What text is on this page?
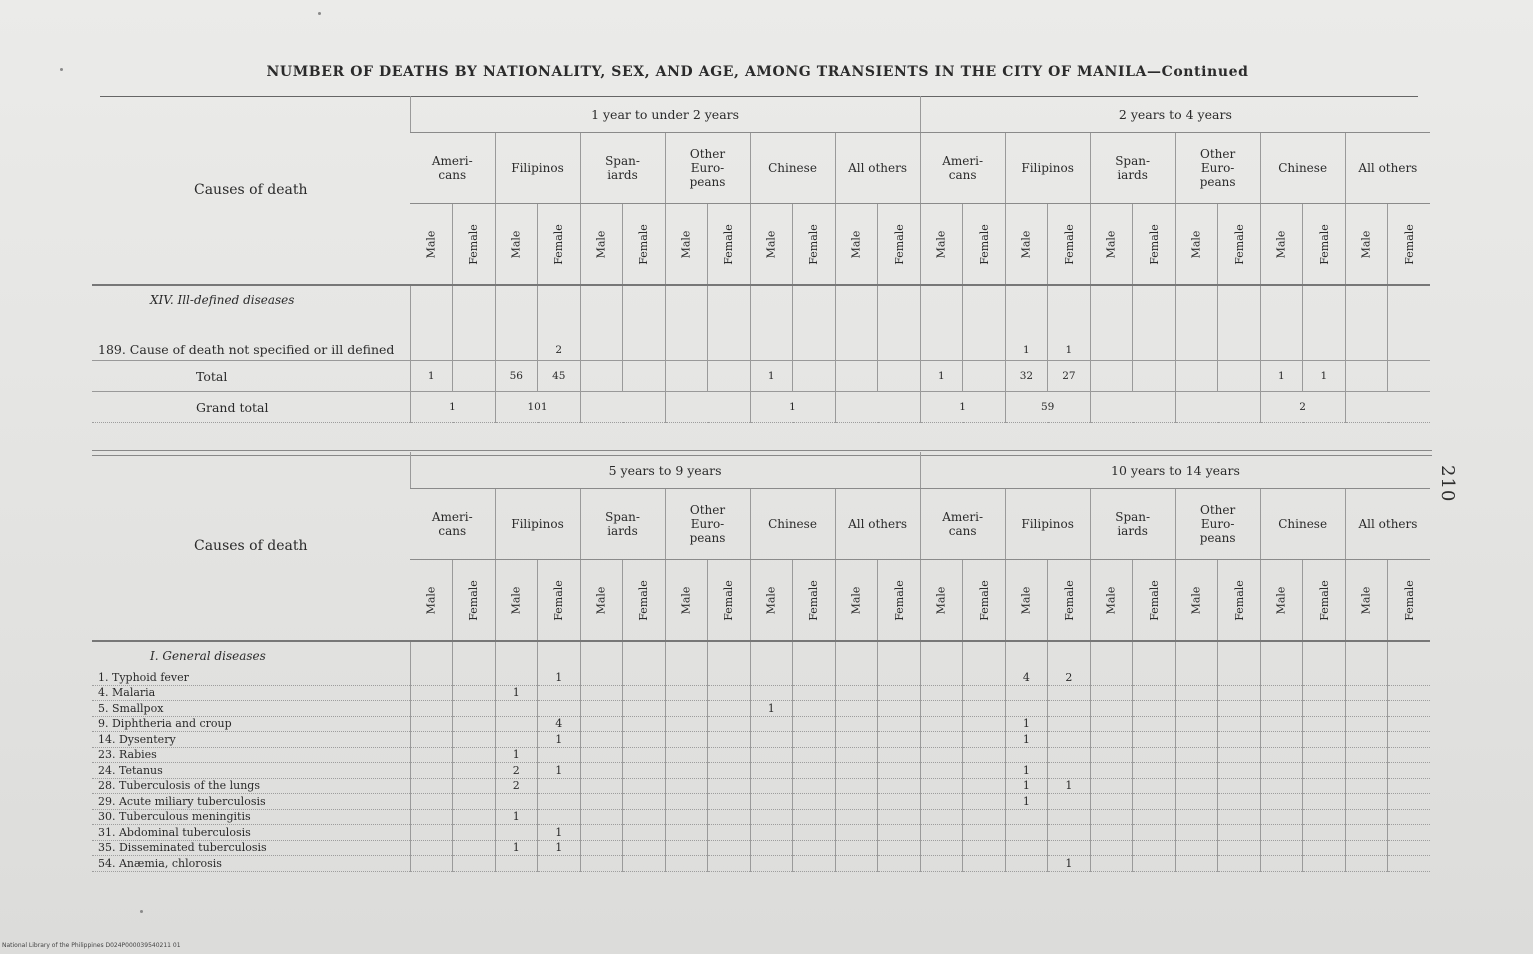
NUMBER OF DEATHS BY NATIONALITY, SEX, AND AGE, AMONG TRANSIENTS IN THE CITY OF MANILA—Continued
Causes of death	1 year to under 2 years												2 years to 4 years											
	Ameri-cans		Filipinos		Span-iards		Other Euro-peans		Chinese		All others		Ameri-cans		Filipinos		Span-iards		Other Euro-peans		Chinese		All others	
	Male	Female	Male	Female	Male	Female	Male	Female	Male	Female	Male	Female	Male	Female	Male	Female	Male	Female	Male	Female	Male	Female	Male	Female
XIV. Ill-defined diseases																								
189. Cause of death not specified or ill defined				2											1	1								
Total	1		56	45					1				1		32	27					1	1		
Grand total	1		101						1				1		59						2			
Causes of death	5 years to 9 years												10 years to 14 years											
	Ameri-cans		Filipinos		Span-iards		Other Euro-peans		Chinese		All others		Ameri-cans		Filipinos		Span-iards		Other Euro-peans		Chinese		All others	
	Male	Female	Male	Female	Male	Female	Male	Female	Male	Female	Male	Female	Male	Female	Male	Female	Male	Female	Male	Female	Male	Female	Male	Female
I. General diseases																								
1. Typhoid fever				1											4	2								
4. Malaria			1																					
5. Smallpox									1															
9. Diphtheria and croup				4											1									
14. Dysentery				1											1									
23. Rabies			1																					
24. Tetanus			2	1											1									
28. Tuberculosis of the lungs			2												1	1								
29. Acute miliary tuberculosis															1									
30. Tuberculous meningitis			1																					
31. Abdominal tuberculosis				1																				
35. Disseminated tuberculosis			1	1																				
54. Anæmia, chlorosis																1								
210
National Library of the Philippines D024P000039540211 01
